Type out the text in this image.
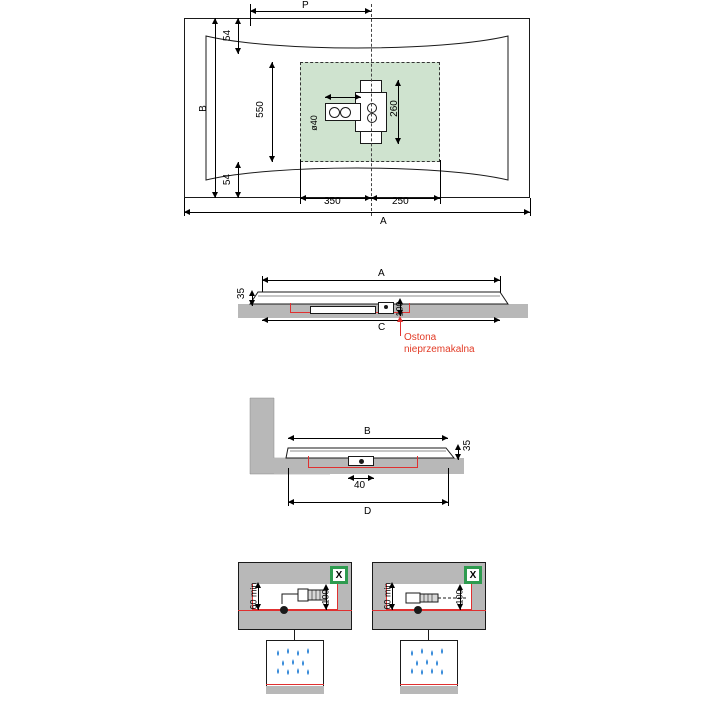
P
54
54
B	550	260
ø40
350	250
A
A
35
100
C
Ostona
nieprzemakalna
B
35
40
D
60 min	100
X
60 min	100
X
